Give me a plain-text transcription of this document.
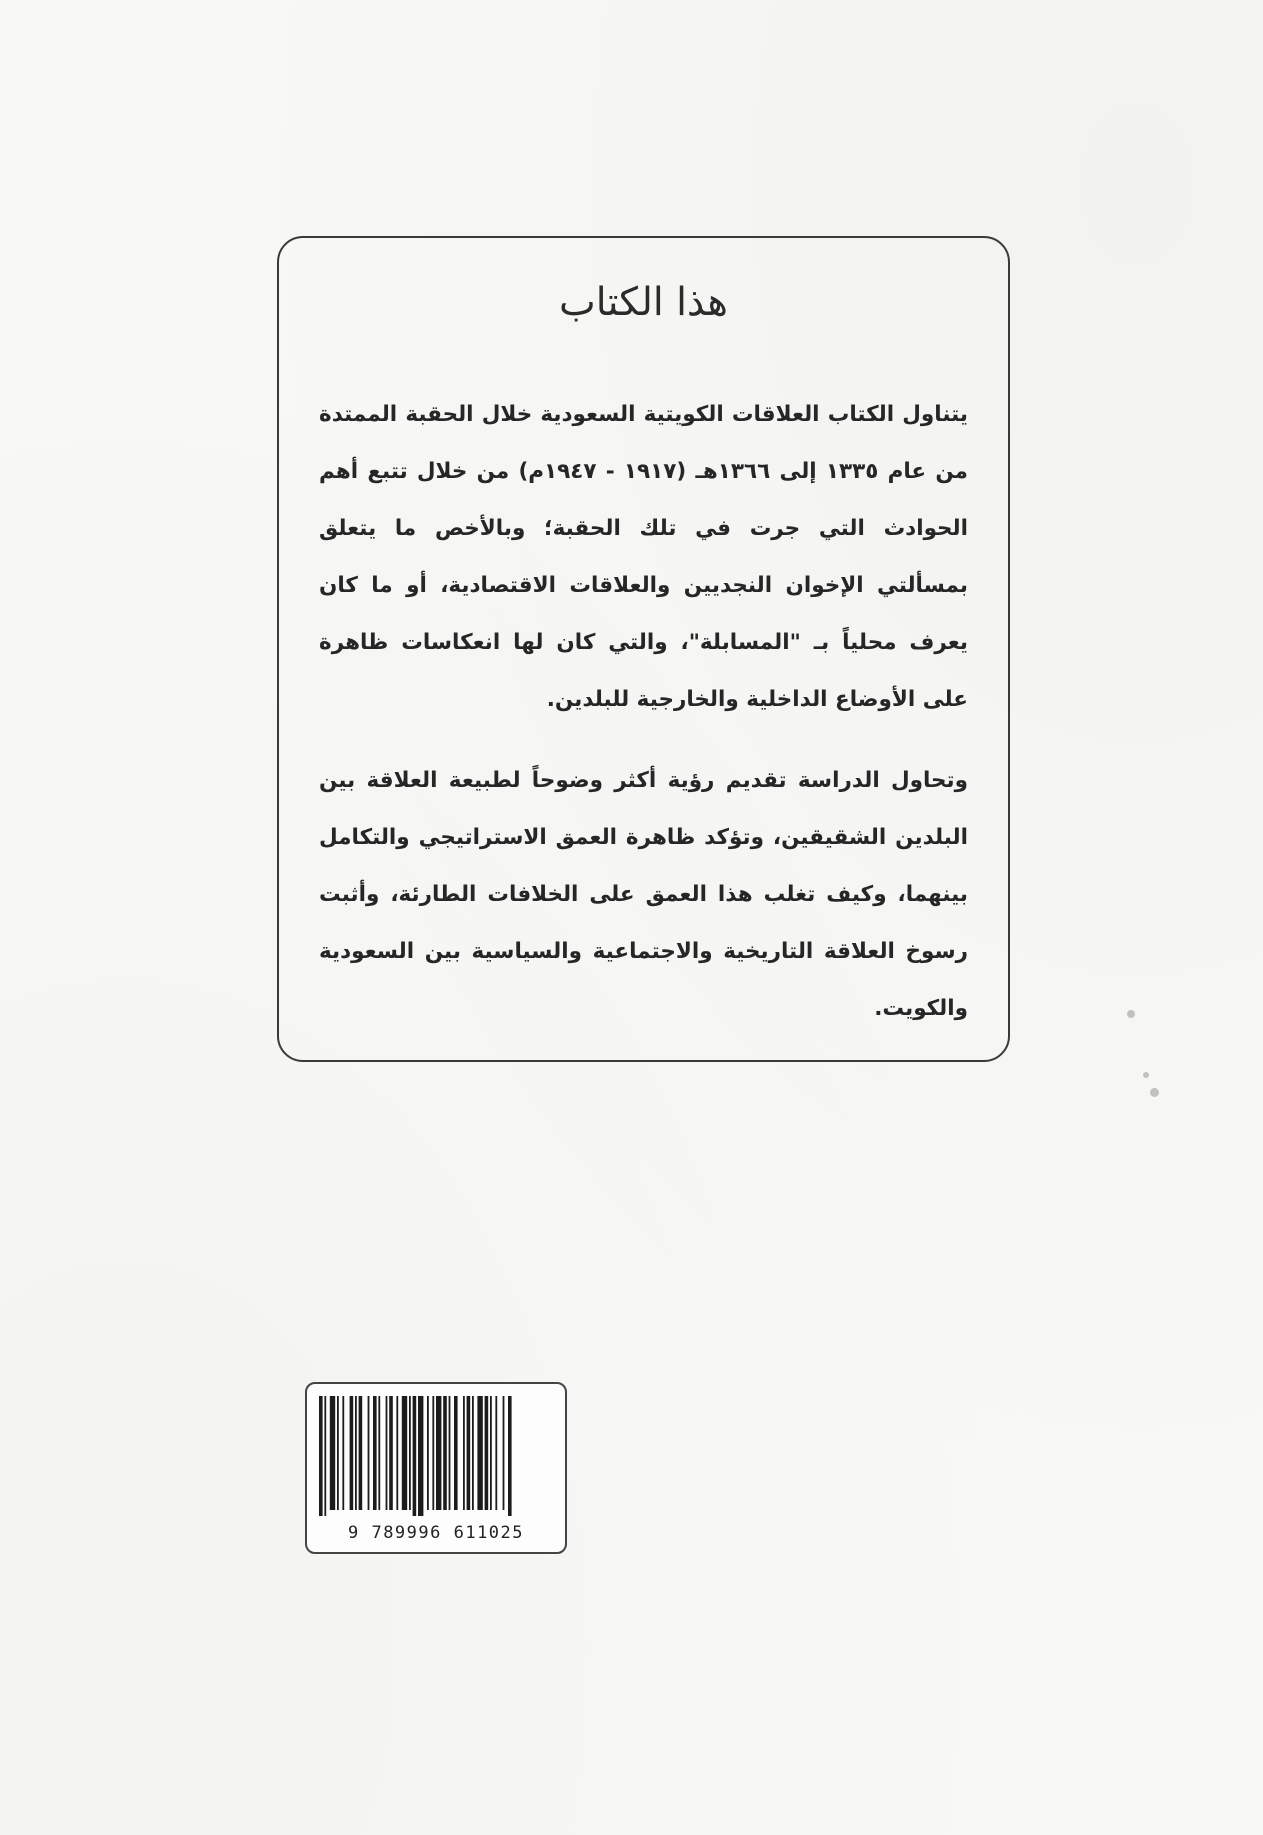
هذا الكتاب

يتناول الكتاب العلاقات الكويتية السعودية خلال الحقبة الممتدة من عام ١٣٣٥ إلى ١٣٦٦هـ (١٩١٧ - ١٩٤٧م) من خلال تتبع أهم الحوادث التي جرت في تلك الحقبة؛ وبالأخص ما يتعلق بمسألتي الإخوان النجديين والعلاقات الاقتصادية، أو ما كان يعرف محلياً بـ "المسابلة"، والتي كان لها انعكاسات ظاهرة على الأوضاع الداخلية والخارجية للبلدين.

وتحاول الدراسة تقديم رؤية أكثر وضوحاً لطبيعة العلاقة بين البلدين الشقيقين، وتؤكد ظاهرة العمق الاستراتيجي والتكامل بينهما، وكيف تغلب هذا العمق على الخلافات الطارئة، وأثبت رسوخ العلاقة التاريخية والاجتماعية والسياسية بين السعودية والكويت.

9 789996 611025
